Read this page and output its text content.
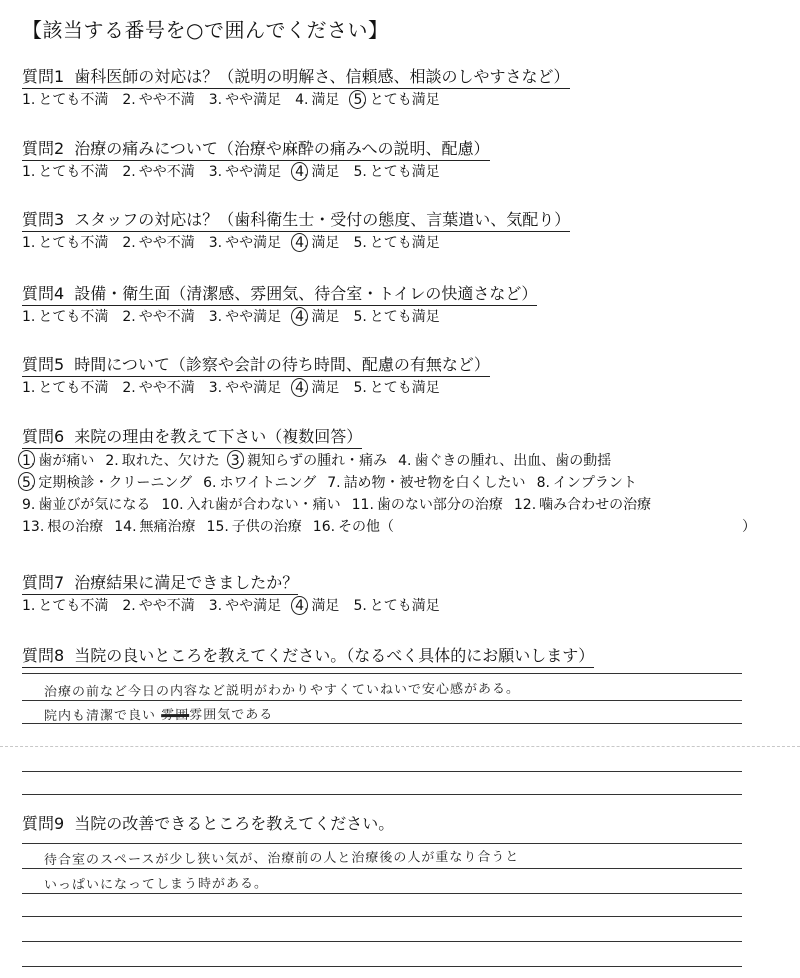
【該当する番号を○で囲んでください】
質問1 歯科医師の対応は？（説明の明解さ、信頼感、相談のしやすさなど）
1. とても不満 2. やや不満 3. やや満足 4. 満足 5. とても満足
質問2 治療の痛みについて（治療や麻酔の痛みへの説明、配慮）
1. とても不満 2. やや不満 3. やや満足 4. 満足 5. とても満足
質問3 スタッフの対応は？（歯科衛生士・受付の態度、言葉遣い、気配り）
1. とても不満 2. やや不満 3. やや満足 4. 満足 5. とても満足
質問4 設備・衛生面（清潔感、雰囲気、待合室・トイレの快適さなど）
1. とても不満 2. やや不満 3. やや満足 4. 満足 5. とても満足
質問5 時間について（診察や会計の待ち時間、配慮の有無など）
1. とても不満 2. やや不満 3. やや満足 4. 満足 5. とても満足
質問6 来院の理由を教えて下さい（複数回答）
1. 歯が痛い 2. 取れた、欠けた 3. 親知らずの腫れ・痛み 4. 歯ぐきの腫れ、出血、歯の動揺
5. 定期検診・クリーニング 6. ホワイトニング 7. 詰め物・被せ物を白くしたい 8. インプラント
9. 歯並びが気になる 10. 入れ歯が合わない・痛い 11. 歯のない部分の治療 12. 噛み合わせの治療
13. 根の治療 14. 無痛治療 15. 子供の治療 16. その他（	）
質問7 治療結果に満足できましたか？
1. とても不満 2. やや不満 3. やや満足 4. 満足 5. とても満足
質問8 当院の良いところを教えてください。（なるべく具体的にお願いします）
治療の前など今日の内容など説明がわかりやすくていねいで安心感がある。
院内も清潔で良い 雰囲雰囲気である
質問9 当院の改善できるところを教えてください。
待合室のスペースが少し狭い気が、治療前の人と治療後の人が重なり合うと
いっぱいになってしまう時がある。
